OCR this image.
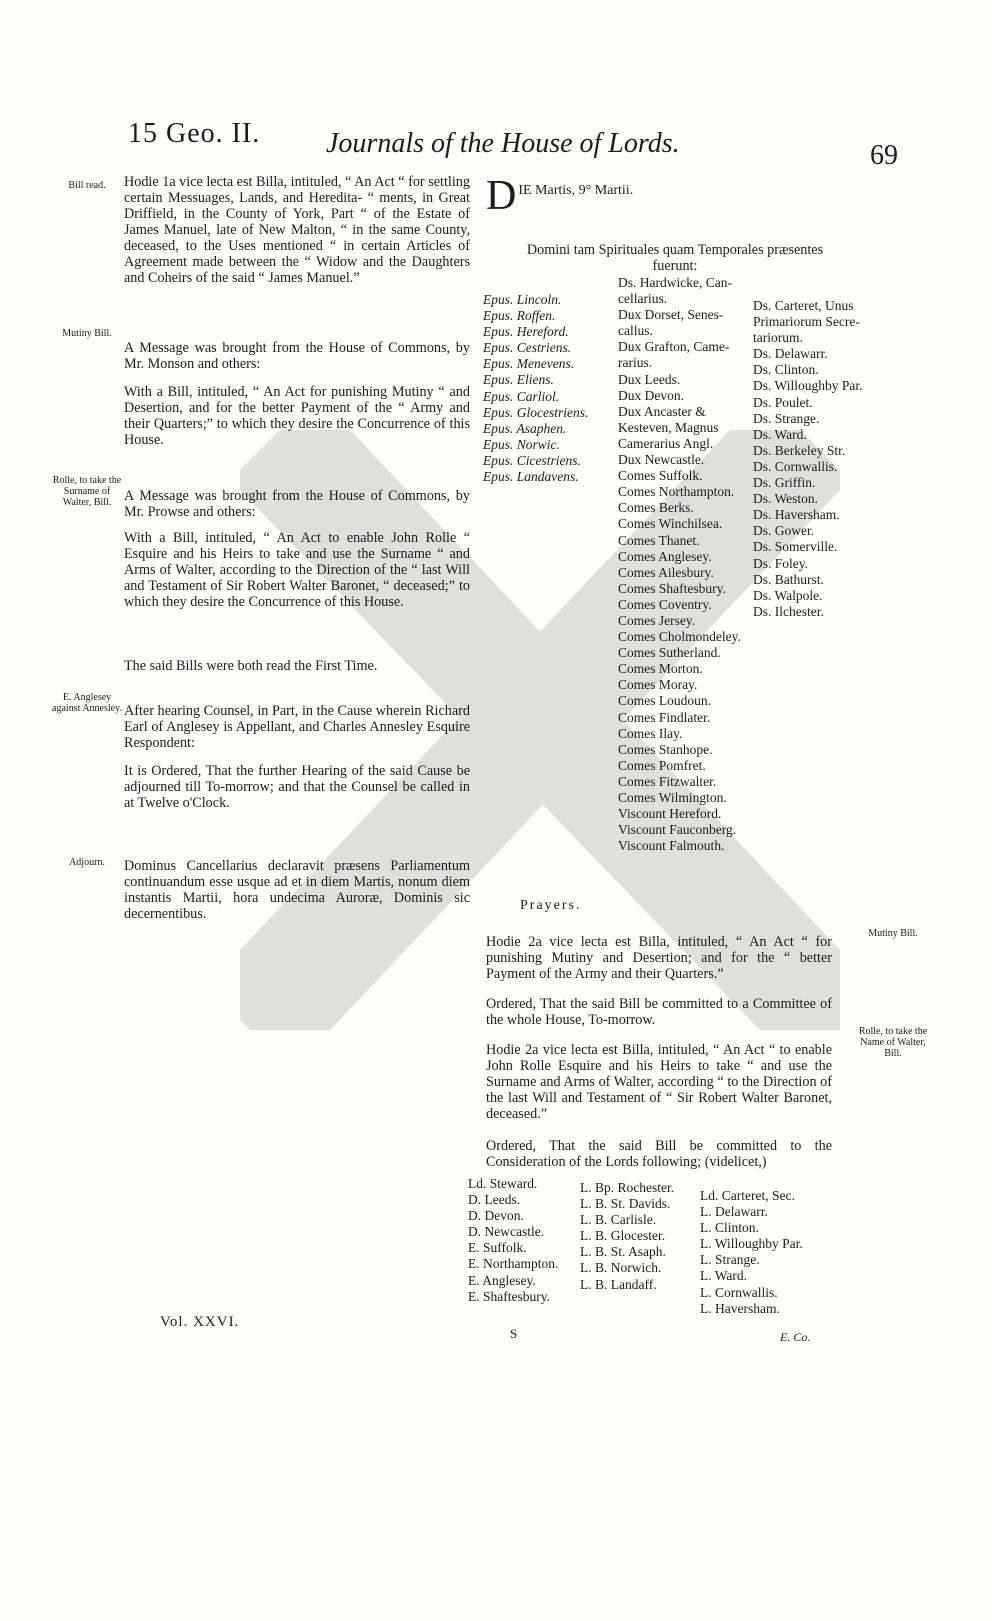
15 Geo. II. Journals of the House of Lords.	69
Bill read.
Mutiny Bill.
Rolle, to take the Surname of Walter, Bill.
E. Anglesey against Annesley.
Adjourn.
Hodie 1a vice lecta est Billa, intituled, “ An Act “ for settling certain Messuages, Lands, and Heredita- “ ments, in Great Driffield, in the County of York, Part “ of the Estate of James Manuel, late of New Malton, “ in the same County, deceased, to the Uses mentioned “ in certain Articles of Agreement made between the “ Widow and the Daughters and Coheirs of the said “ James Manuel.”
A Message was brought from the House of Commons, by Mr. Monson and others:
With a Bill, intituled, “ An Act for punishing Mutiny “ and Desertion, and for the better Payment of the “ Army and their Quarters;” to which they desire the Concurrence of this House.
A Message was brought from the House of Commons, by Mr. Prowse and others:
With a Bill, intituled, “ An Act to enable John Rolle “ Esquire and his Heirs to take and use the Surname “ and Arms of Walter, according to the Direction of the “ last Will and Testament of Sir Robert Walter Baronet, “ deceased;” to which they desire the Concurrence of this House.
The said Bills were both read the First Time.
After hearing Counsel, in Part, in the Cause wherein Richard Earl of Anglesey is Appellant, and Charles Annesley Esquire Respondent:
It is Ordered, That the further Hearing of the said Cause be adjourned till To-morrow; and that the Counsel be called in at Twelve o'Clock.
Dominus Cancellarius declaravit præsens Parliamentum continuandum esse usque ad et in diem Martis, nonum diem instantis Martii, hora undecima Auroræ, Dominis sic decernentibus.
D IE Martis, 9° Martii.
Domini tam Spirituales quam Temporales præsentes fuerunt:
Epus. Lincoln.
Epus. Roffen.
Epus. Hereford.
Epus. Cestriens.
Epus. Menevens.
Epus. Eliens.
Epus. Carliol.
Epus. Glocestriens.
Epus. Asaphen.
Epus. Norwic.
Epus. Cicestriens.
Epus. Landavens.
Ds. Hardwicke, Can-
cellarius.
Dux Dorset, Senes-
callus.
Dux Grafton, Came-
rarius.
Dux Leeds.
Dux Devon.
Dux Ancaster &
Kesteven, Magnus
Camerarius Angl.
Dux Newcastle.
Comes Suffolk.
Comes Northampton.
Comes Berks.
Comes Winchilsea.
Comes Thanet.
Comes Anglesey.
Comes Ailesbury.
Comes Shaftesbury.
Comes Coventry.
Comes Jersey.
Comes Cholmondeley.
Comes Sutherland.
Comes Morton.
Comes Moray.
Comes Loudoun.
Comes Findlater.
Comes Ilay.
Comes Stanhope.
Comes Pomfret.
Comes Fitzwalter.
Comes Wilmington.
Viscount Hereford.
Viscount Fauconberg.
Viscount Falmouth.
Ds. Carteret, Unus
Primariorum Secre-
tariorum.
Ds. Delawarr.
Ds. Clinton.
Ds. Willoughby Par.
Ds. Poulet.
Ds. Strange.
Ds. Ward.
Ds. Berkeley Str.
Ds. Cornwallis.
Ds. Griffin.
Ds. Weston.
Ds. Haversham.
Ds. Gower.
Ds. Somerville.
Ds. Foley.
Ds. Bathurst.
Ds. Walpole.
Ds. Ilchester.
Prayers.
Mutiny Bill.
Rolle, to take the Name of Walter, Bill.
Hodie 2a vice lecta est Billa, intituled, “ An Act “ for punishing Mutiny and Desertion; and for the “ better Payment of the Army and their Quarters.”
Ordered, That the said Bill be committed to a Committee of the whole House, To-morrow.
Hodie 2a vice lecta est Billa, intituled, “ An Act “ to enable John Rolle Esquire and his Heirs to take “ and use the Surname and Arms of Walter, according “ to the Direction of the last Will and Testament of “ Sir Robert Walter Baronet, deceased.”
Ordered, That the said Bill be committed to the Consideration of the Lords following; (videlicet,)
Ld. Steward.
D. Leeds.
D. Devon.
D. Newcastle.
E. Suffolk.
E. Northampton.
E. Anglesey.
E. Shaftesbury.
L. Bp. Rochester.
L. B. St. Davids.
L. B. Carlisle.
L. B. Glocester.
L. B. St. Asaph.
L. B. Norwich.
L. B. Landaff.
Ld. Carteret, Sec.
L. Delawarr.
L. Clinton.
L. Willoughby Par.
L. Strange.
L. Ward.
L. Cornwallis.
L. Haversham.
Vol. XXVI.
S	E. Co.
